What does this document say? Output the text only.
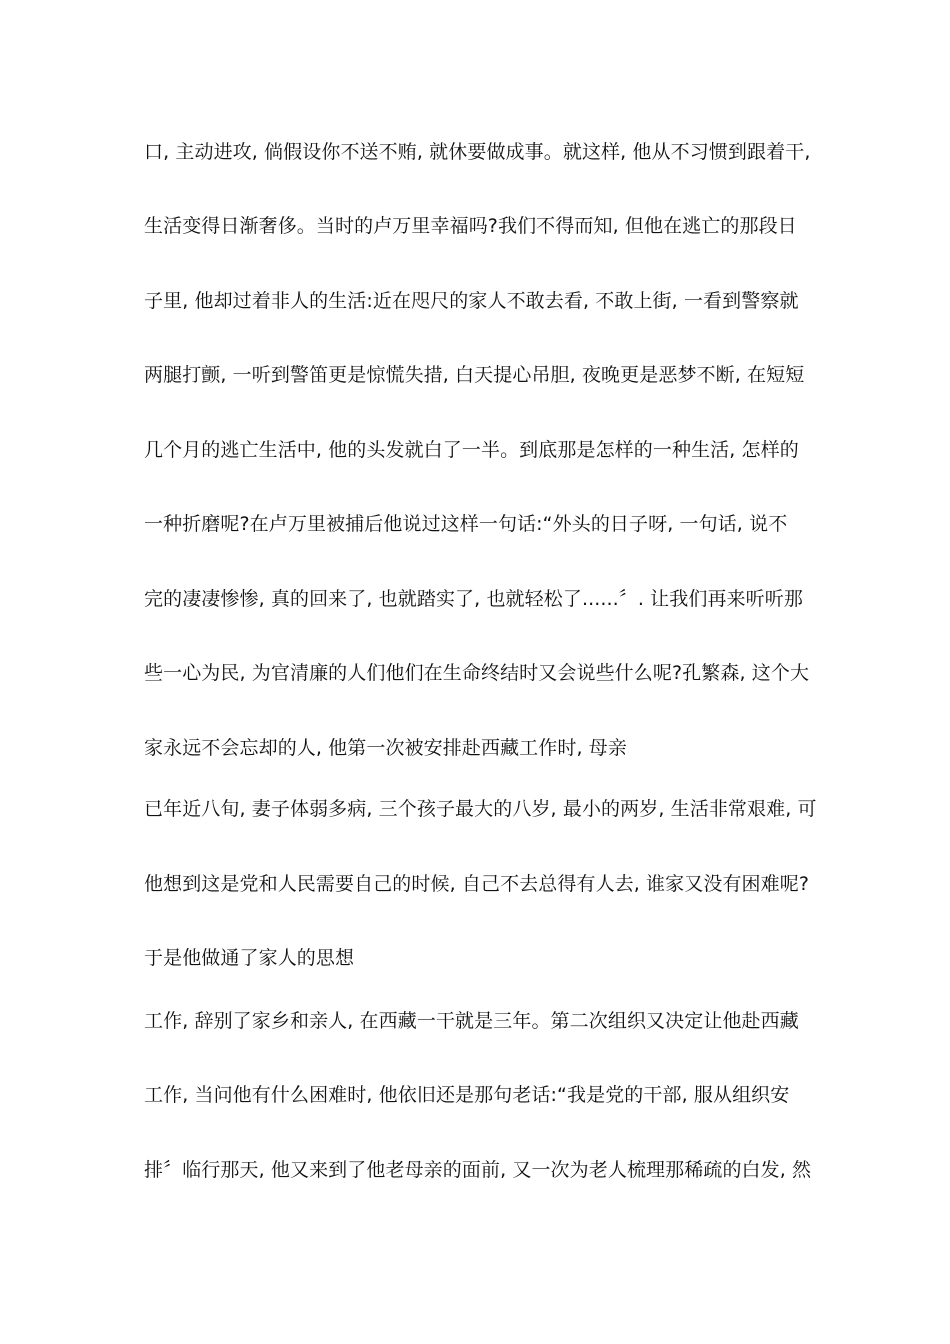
口, 主动进攻, 倘假设你不送不贿, 就休要做成事。就这样, 他从不习惯到跟着干,
生活变得日渐奢侈。当时的卢万里幸福吗?我们不得而知, 但他在逃亡的那段日
子里, 他却过着非人的生活:近在咫尺的家人不敢去看, 不敢上街, 一看到警察就
两腿打颤, 一听到警笛更是惊慌失措, 白天提心吊胆, 夜晚更是恶梦不断, 在短短
几个月的逃亡生活中, 他的头发就白了一半。到底那是怎样的一种生活, 怎样的
一种折磨呢?在卢万里被捕后他说过这样一句话:“外头的日子呀, 一句话, 说不
完的凄凄惨惨, 真的回来了, 也就踏实了, 也就轻松了......〞. 让我们再来听听那
些一心为民, 为官清廉的人们他们在生命终结时又会说些什么呢?孔繁森, 这个大
家永远不会忘却的人, 他第一次被安排赴西藏工作时, 母亲
已年近八旬, 妻子体弱多病, 三个孩子最大的八岁, 最小的两岁, 生活非常艰难, 可
他想到这是党和人民需要自己的时候, 自己不去总得有人去, 谁家又没有困难呢?
于是他做通了家人的思想
工作, 辞别了家乡和亲人, 在西藏一干就是三年。第二次组织又决定让他赴西藏
工作, 当问他有什么困难时, 他依旧还是那句老话:“我是党的干部, 服从组织安
排〞临行那天, 他又来到了他老母亲的面前, 又一次为老人梳理那稀疏的白发, 然
